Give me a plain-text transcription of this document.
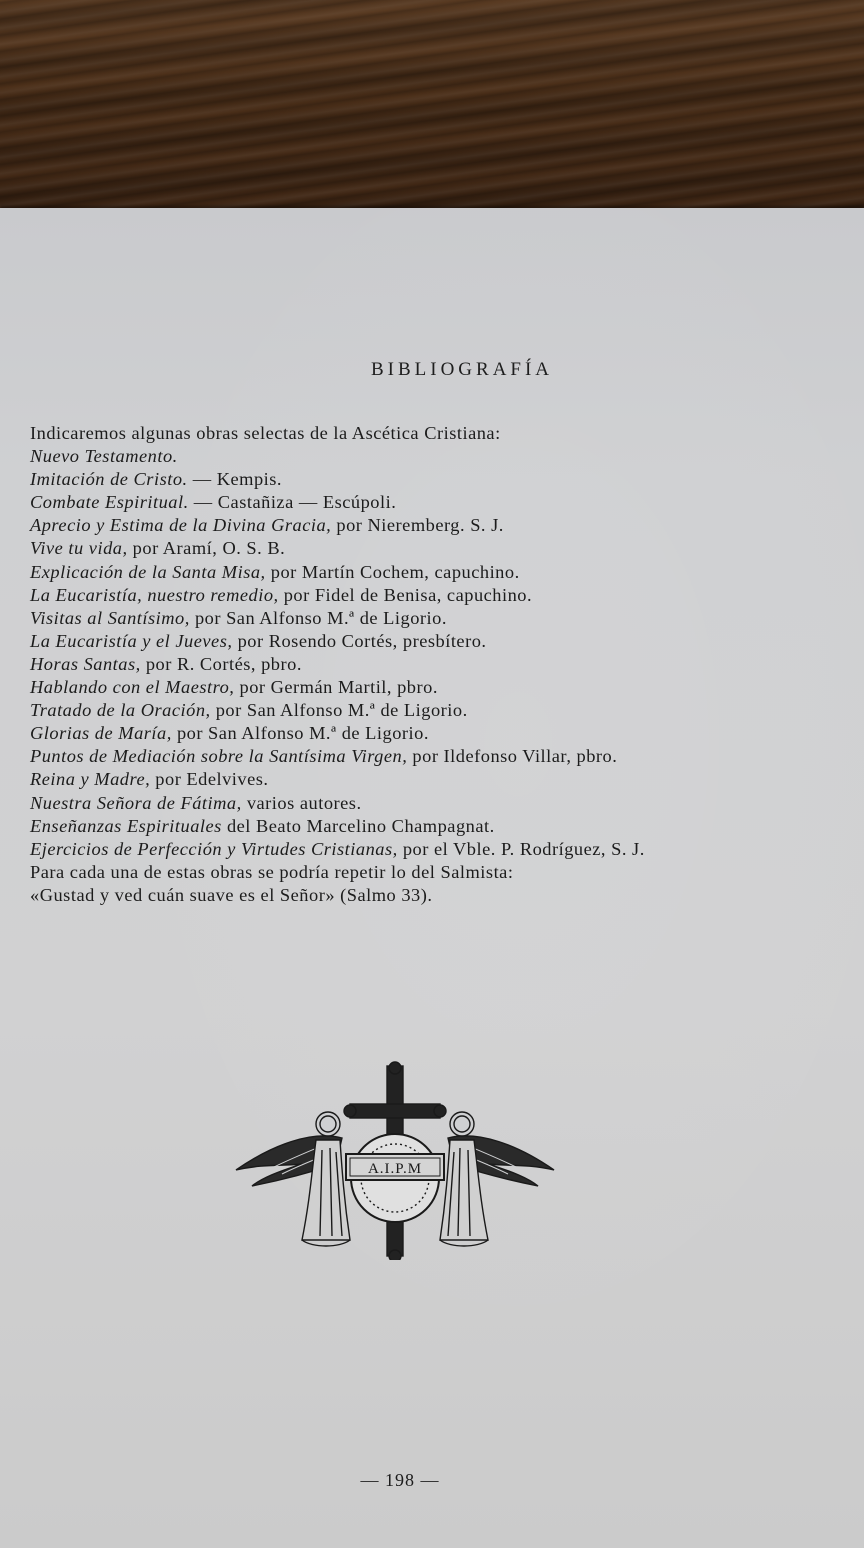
BIBLIOGRAFÍA
Indicaremos algunas obras selectas de la Ascética Cristiana:
Nuevo Testamento.
Imitación de Cristo. — Kempis.
Combate Espiritual. — Castañiza — Escúpoli.
Aprecio y Estima de la Divina Gracia, por Nieremberg. S. J.
Vive tu vida, por Aramí, O. S. B.
Explicación de la Santa Misa, por Martín Cochem, capuchino.
La Eucaristía, nuestro remedio, por Fidel de Benisa, capuchino.
Visitas al Santísimo, por San Alfonso M.ª de Ligorio.
La Eucaristía y el Jueves, por Rosendo Cortés, presbítero.
Horas Santas, por R. Cortés, pbro.
Hablando con el Maestro, por Germán Martil, pbro.
Tratado de la Oración, por San Alfonso M.ª de Ligorio.
Glorias de María, por San Alfonso M.ª de Ligorio.
Puntos de Mediación sobre la Santísima Virgen, por Ildefonso Villar, pbro.
Reina y Madre, por Edelvives.
Nuestra Señora de Fátima, varios autores.
Enseñanzas Espirituales del Beato Marcelino Champagnat.
Ejercicios de Perfección y Virtudes Cristianas, por el Vble. P. Rodríguez, S. J.
Para cada una de estas obras se podría repetir lo del Salmista:
«Gustad y ved cuán suave es el Señor» (Salmo 33).
A.I.P.M
— 198 —
